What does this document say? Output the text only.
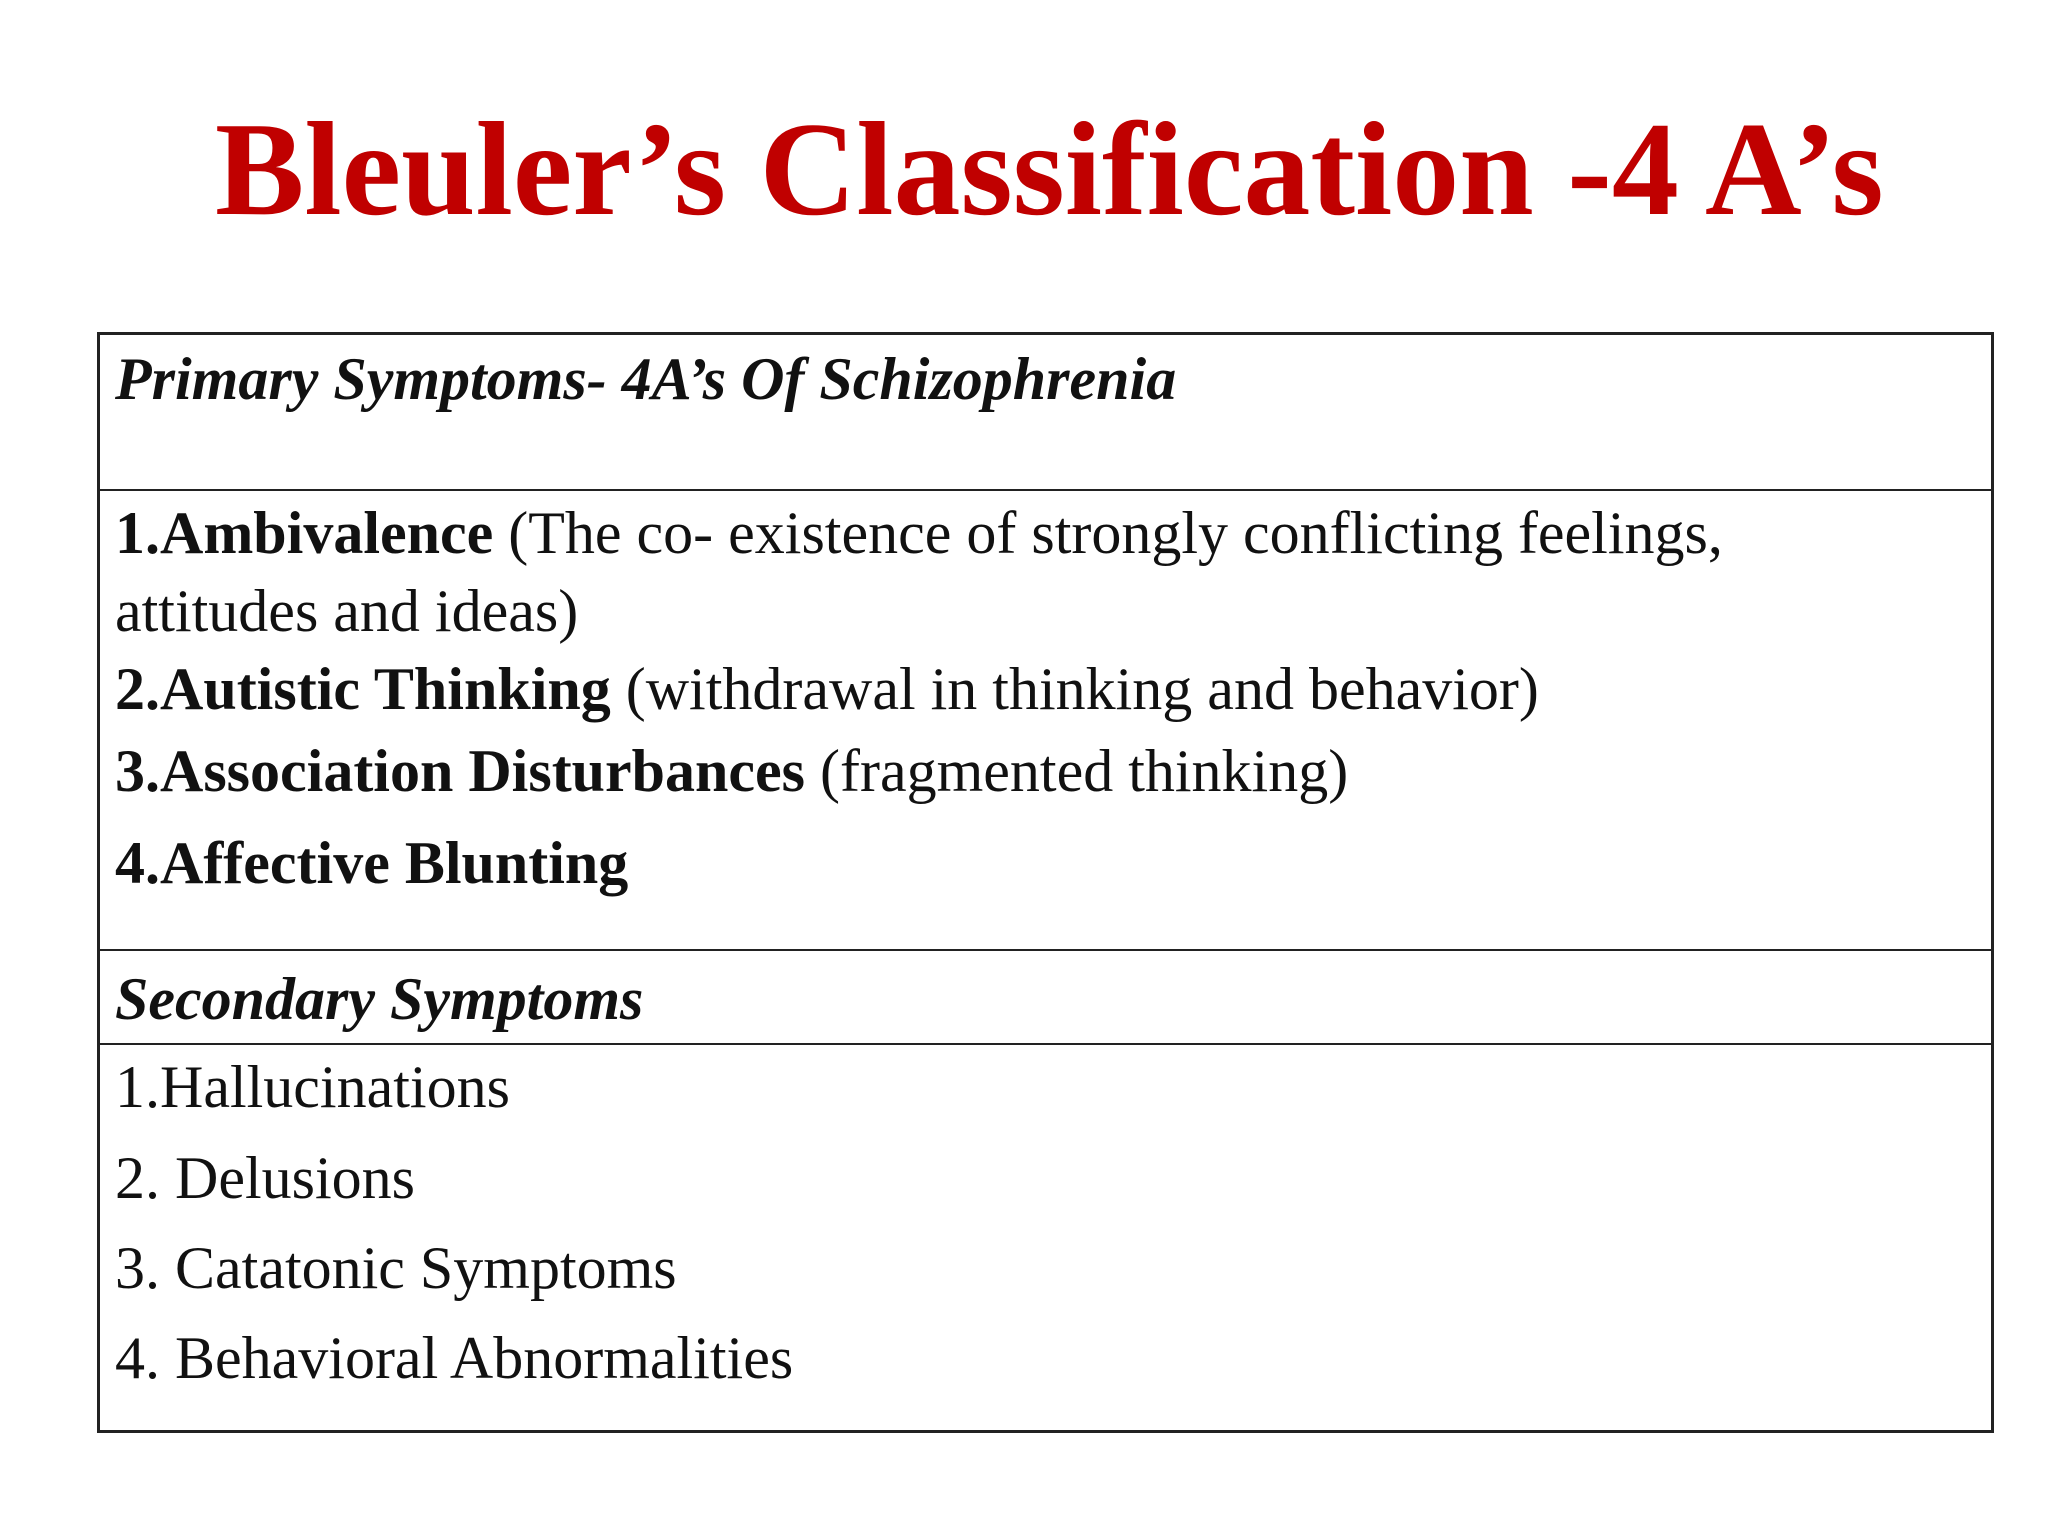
Bleuler’s Classification -4 A’s

Primary Symptoms- 4A’s Of Schizophrenia

1.Ambivalence (The co- existence of strongly conflicting feelings,

attitudes and ideas)

2.Autistic Thinking (withdrawal in thinking and behavior)

3.Association Disturbances (fragmented thinking)

4.Affective Blunting

Secondary Symptoms

1.Hallucinations

2. Delusions

3. Catatonic Symptoms

4. Behavioral Abnormalities
